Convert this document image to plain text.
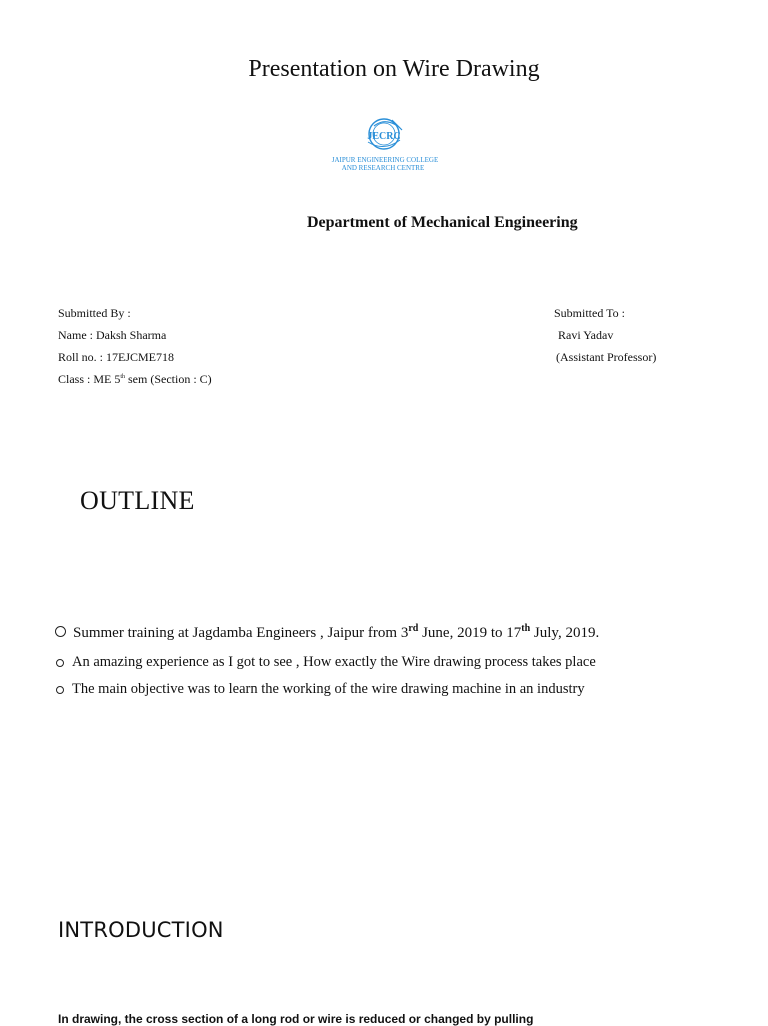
Presentation on Wire Drawing
JECRC
JAIPUR ENGINEERING COLLEGE
AND RESEARCH CENTRE
Department of Mechanical Engineering
Submitted By :
Name : Daksh Sharma
Roll no. : 17EJCME718
Class : ME 5th sem (Section : C)
Submitted To :
Ravi Yadav
(Assistant Professor)
OUTLINE
Summer training at Jagdamba Engineers , Jaipur from 3rd June, 2019 to 17th July, 2019.
An amazing experience as I got to see , How exactly the Wire drawing process takes place
The main objective was to learn the working of the wire drawing machine in an industry
INTRODUCTION
In drawing, the cross section of a long rod or wire is reduced or changed by pulling
